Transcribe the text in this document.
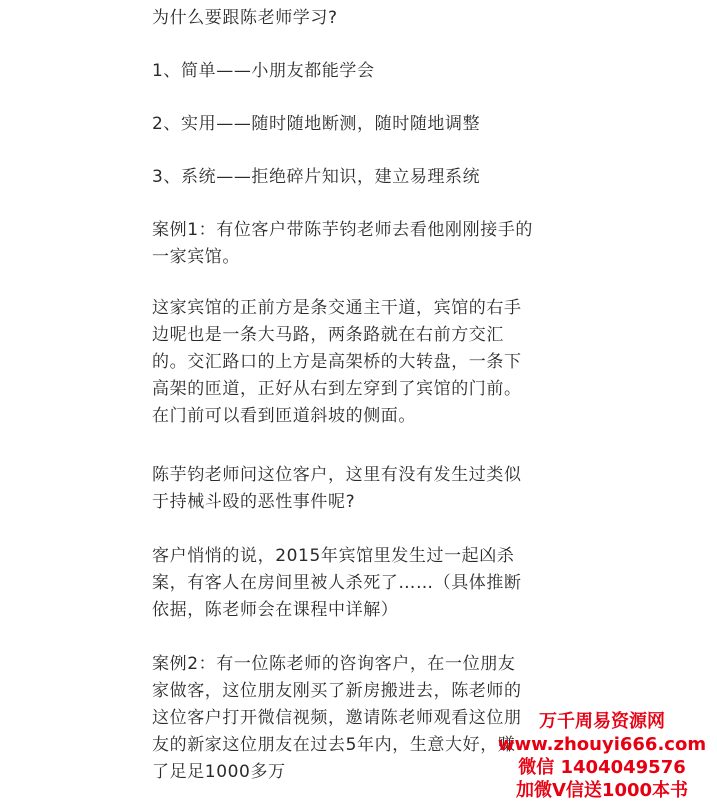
为什么要跟陈老师学习?
1、简单——小朋友都能学会
2、实用——随时随地断测，随时随地调整
3、系统——拒绝碎片知识，建立易理系统
案例1：有位客户带陈芋钧老师去看他刚刚接手的
一家宾馆。
这家宾馆的正前方是条交通主干道，宾馆的右手
边呢也是一条大马路，两条路就在右前方交汇
的。交汇路口的上方是高架桥的大转盘，一条下
高架的匝道，正好从右到左穿到了宾馆的门前。
在门前可以看到匝道斜坡的侧面。
陈芋钧老师问这位客户，这里有没有发生过类似
于持械斗殴的恶性事件呢?
客户悄悄的说，2015年宾馆里发生过一起凶杀
案，有客人在房间里被人杀死了……（具体推断
依据，陈老师会在课程中详解）
案例2：有一位陈老师的咨询客户，在一位朋友
家做客，这位朋友刚买了新房搬进去，陈老师的
这位客户打开微信视频，邀请陈老师观看这位朋
友的新家这位朋友在过去5年内，生意大好，赚
了足足1000多万
万千周易资源网
www.zhouyi666.com
微信 1404049576
加微V信送1000本书
